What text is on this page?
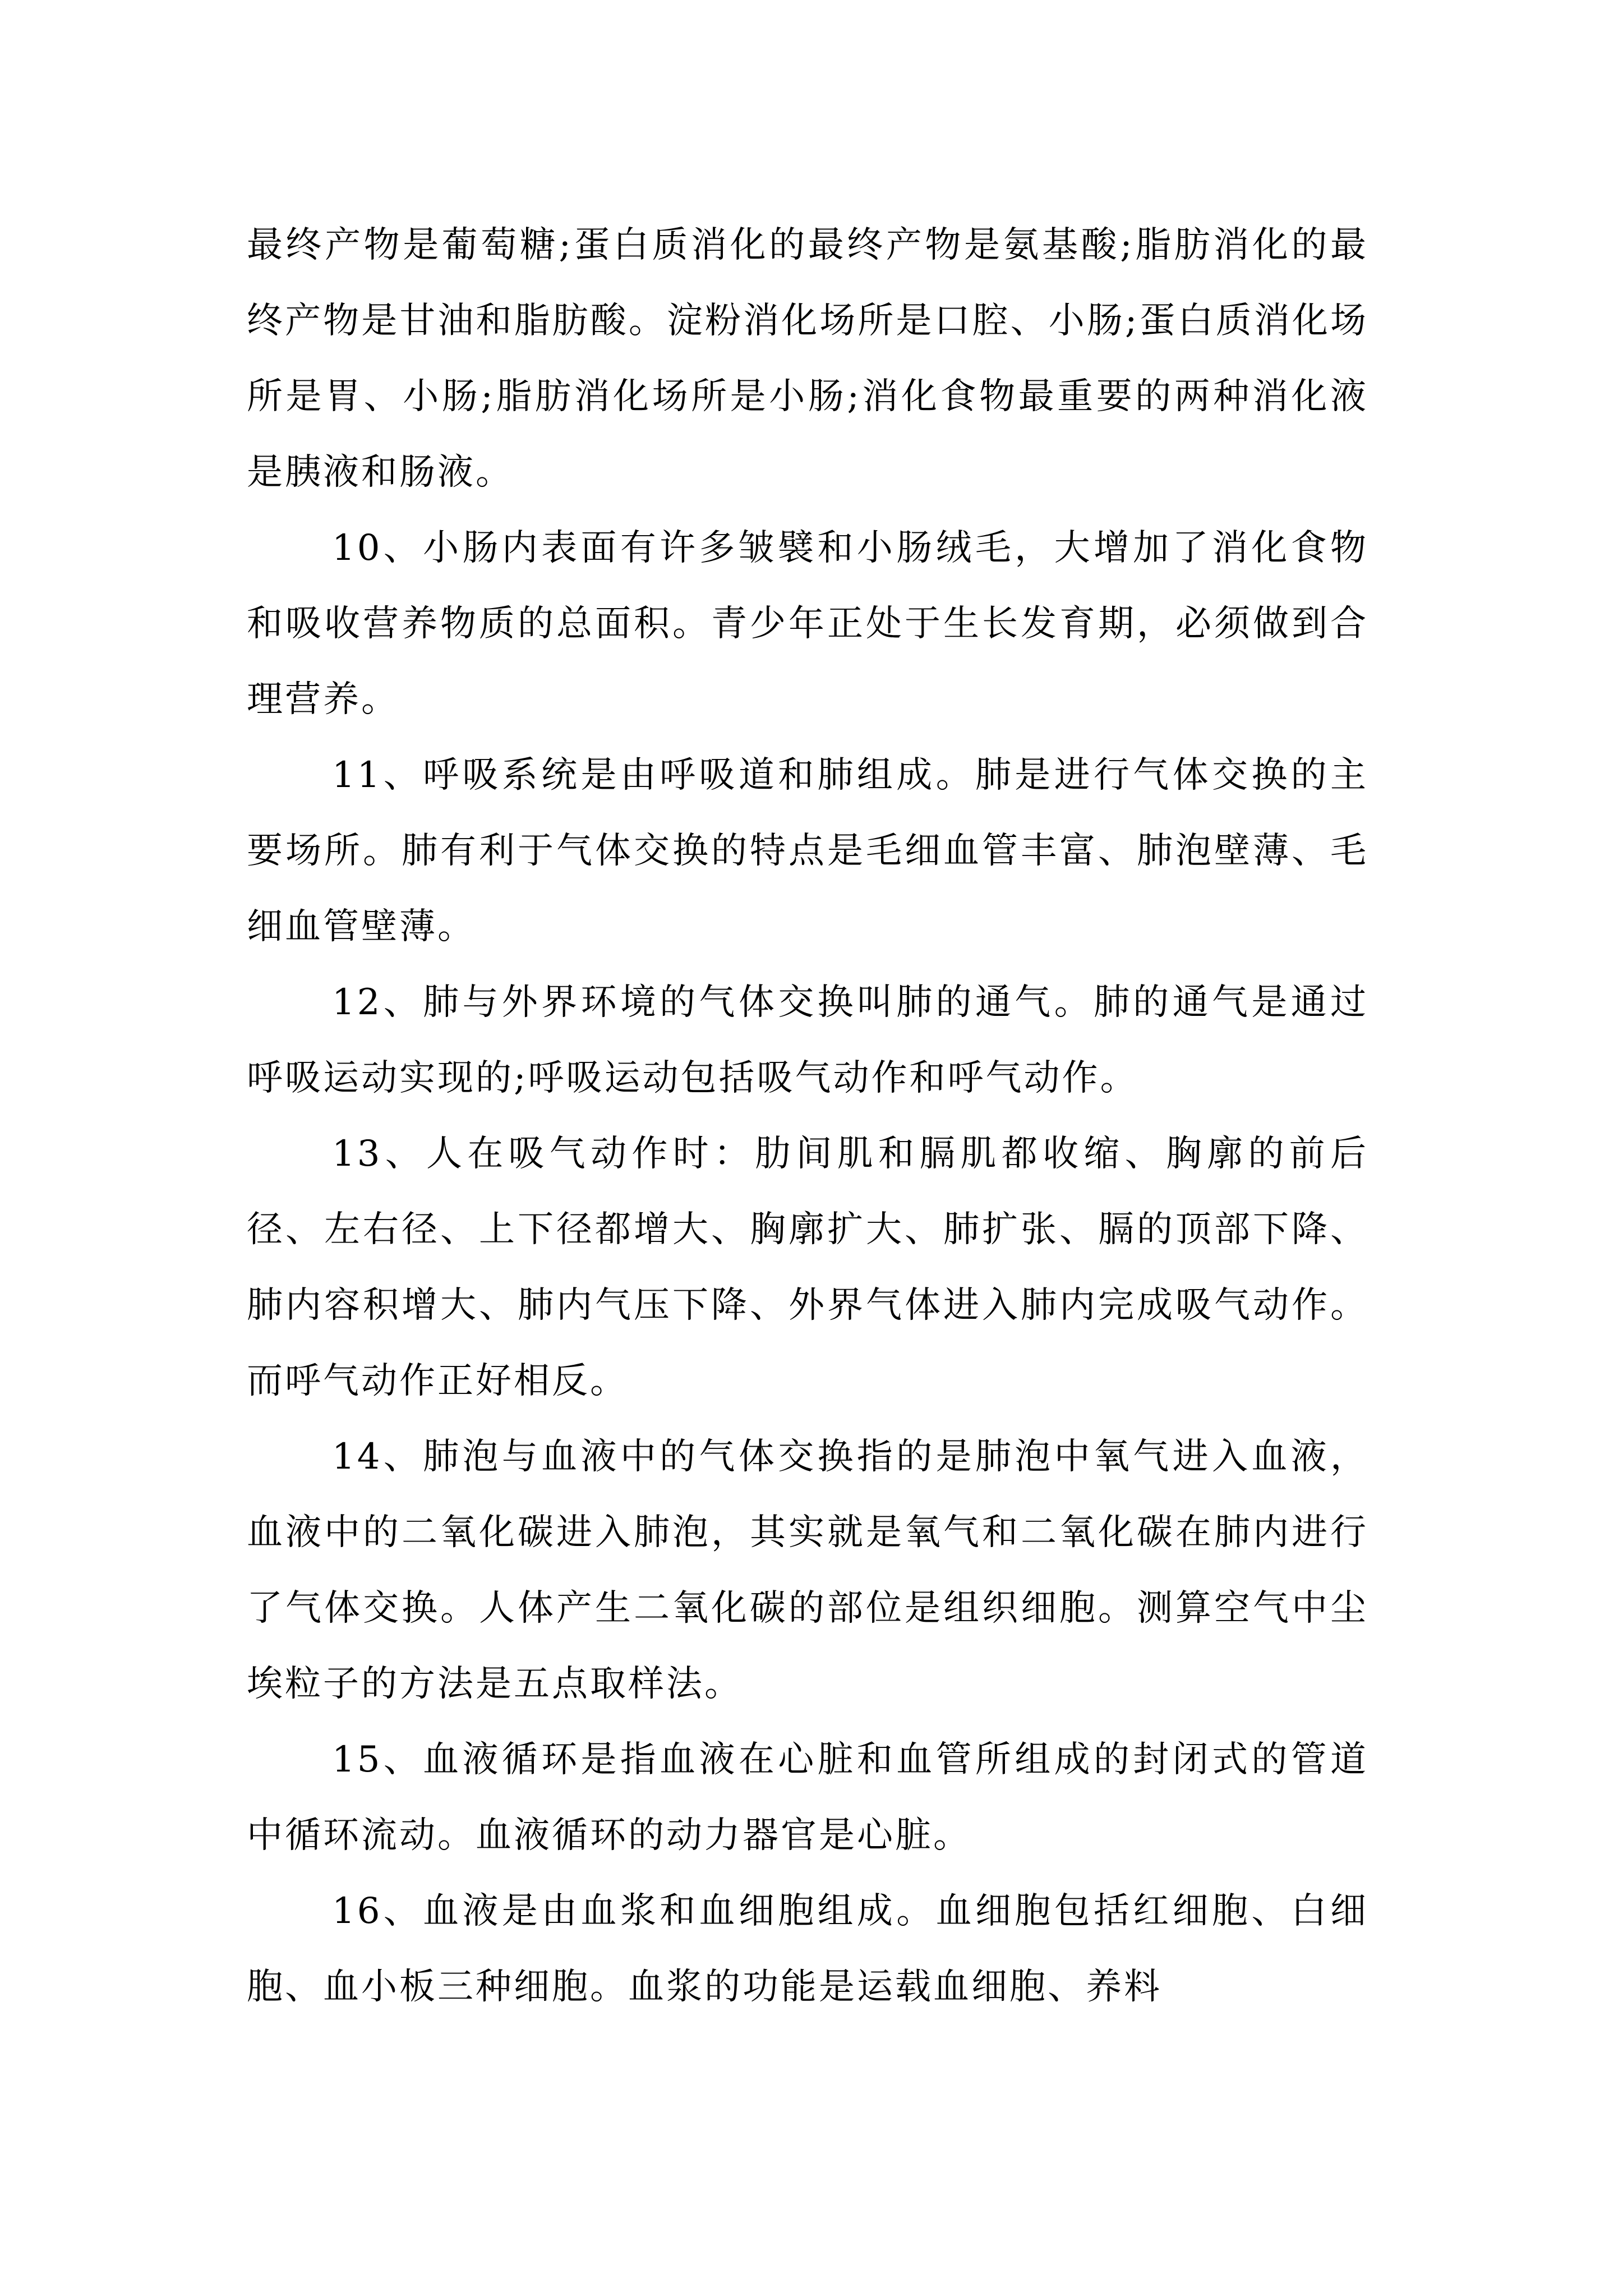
最终产物是葡萄糖;蛋白质消化的最终产物是氨基酸;脂肪消化的最终产物是甘油和脂肪酸。淀粉消化场所是口腔、小肠;蛋白质消化场所是胃、小肠;脂肪消化场所是小肠;消化食物最重要的两种消化液是胰液和肠液。

10、小肠内表面有许多皱襞和小肠绒毛，大增加了消化食物和吸收营养物质的总面积。青少年正处于生长发育期，必须做到合理营养。

11、呼吸系统是由呼吸道和肺组成。肺是进行气体交换的主要场所。肺有利于气体交换的特点是毛细血管丰富、肺泡壁薄、毛细血管壁薄。

12、肺与外界环境的气体交换叫肺的通气。肺的通气是通过呼吸运动实现的;呼吸运动包括吸气动作和呼气动作。

13、人在吸气动作时：肋间肌和膈肌都收缩、胸廓的前后径、左右径、上下径都增大、胸廓扩大、肺扩张、膈的顶部下降、肺内容积增大、肺内气压下降、外界气体进入肺内完成吸气动作。而呼气动作正好相反。

14、肺泡与血液中的气体交换指的是肺泡中氧气进入血液，血液中的二氧化碳进入肺泡，其实就是氧气和二氧化碳在肺内进行了气体交换。人体产生二氧化碳的部位是组织细胞。测算空气中尘埃粒子的方法是五点取样法。

15、血液循环是指血液在心脏和血管所组成的封闭式的管道中循环流动。血液循环的动力器官是心脏。

16、血液是由血浆和血细胞组成。血细胞包括红细胞、白细胞、血小板三种细胞。血浆的功能是运载血细胞、养料
